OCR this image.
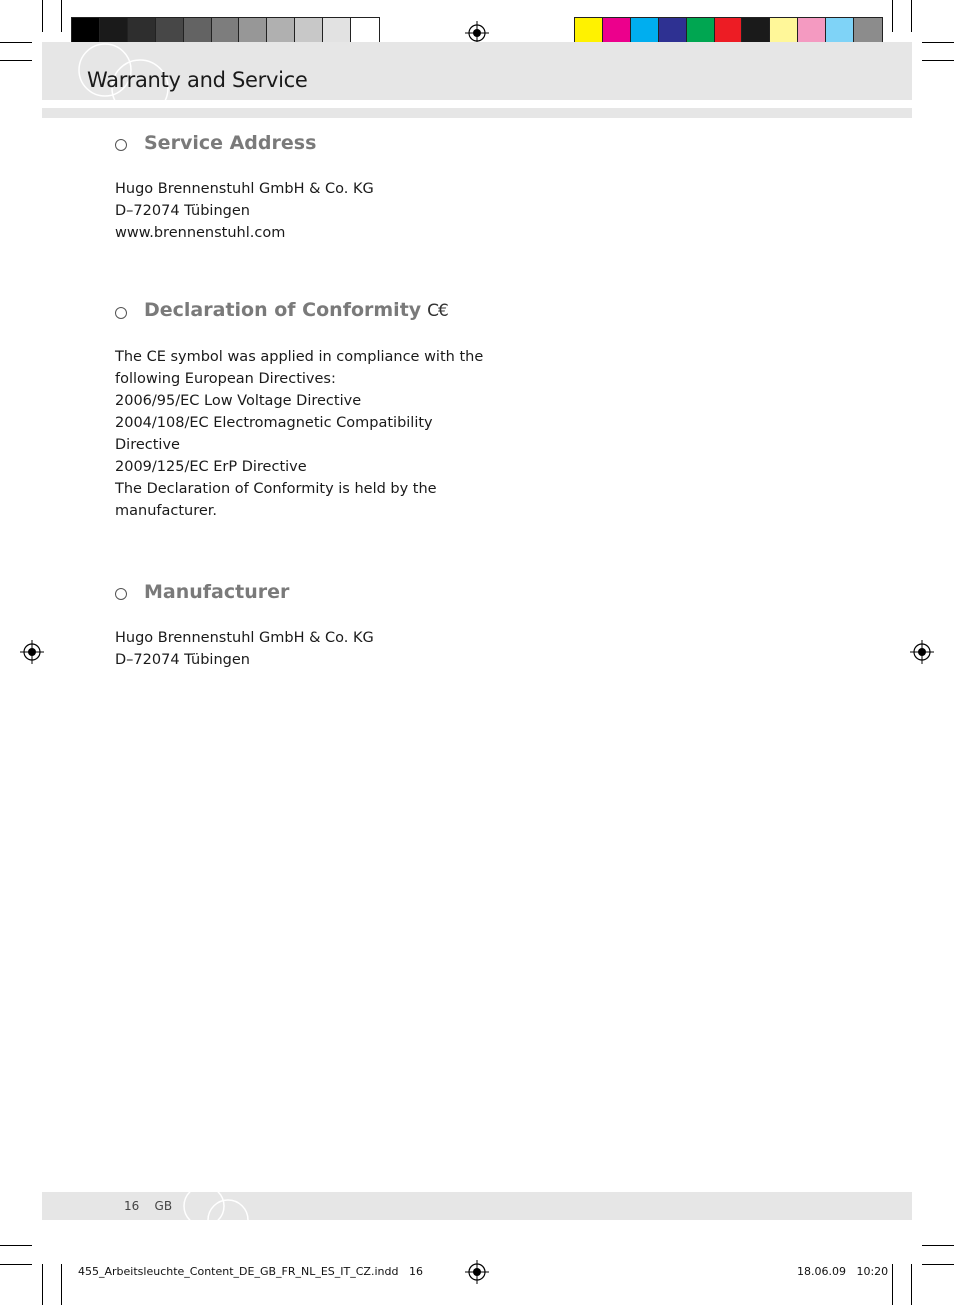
Warranty and Service
Service Address
Hugo Brennenstuhl GmbH & Co. KG
D–72074 Tübingen
www.brennenstuhl.com
Declaration of Conformity C€
The CE symbol was applied in compliance with the
following European Directives:
2006/95/EC Low Voltage Directive
2004/108/EC Electromagnetic Compatibility
Directive
2009/125/EC ErP Directive
The Declaration of Conformity is held by the
manufacturer.
Manufacturer
Hugo Brennenstuhl GmbH & Co. KG
D–72074 Tübingen
16 GB
455_Arbeitsleuchte_Content_DE_GB_FR_NL_ES_IT_CZ.indd   16	18.06.09   10:20
